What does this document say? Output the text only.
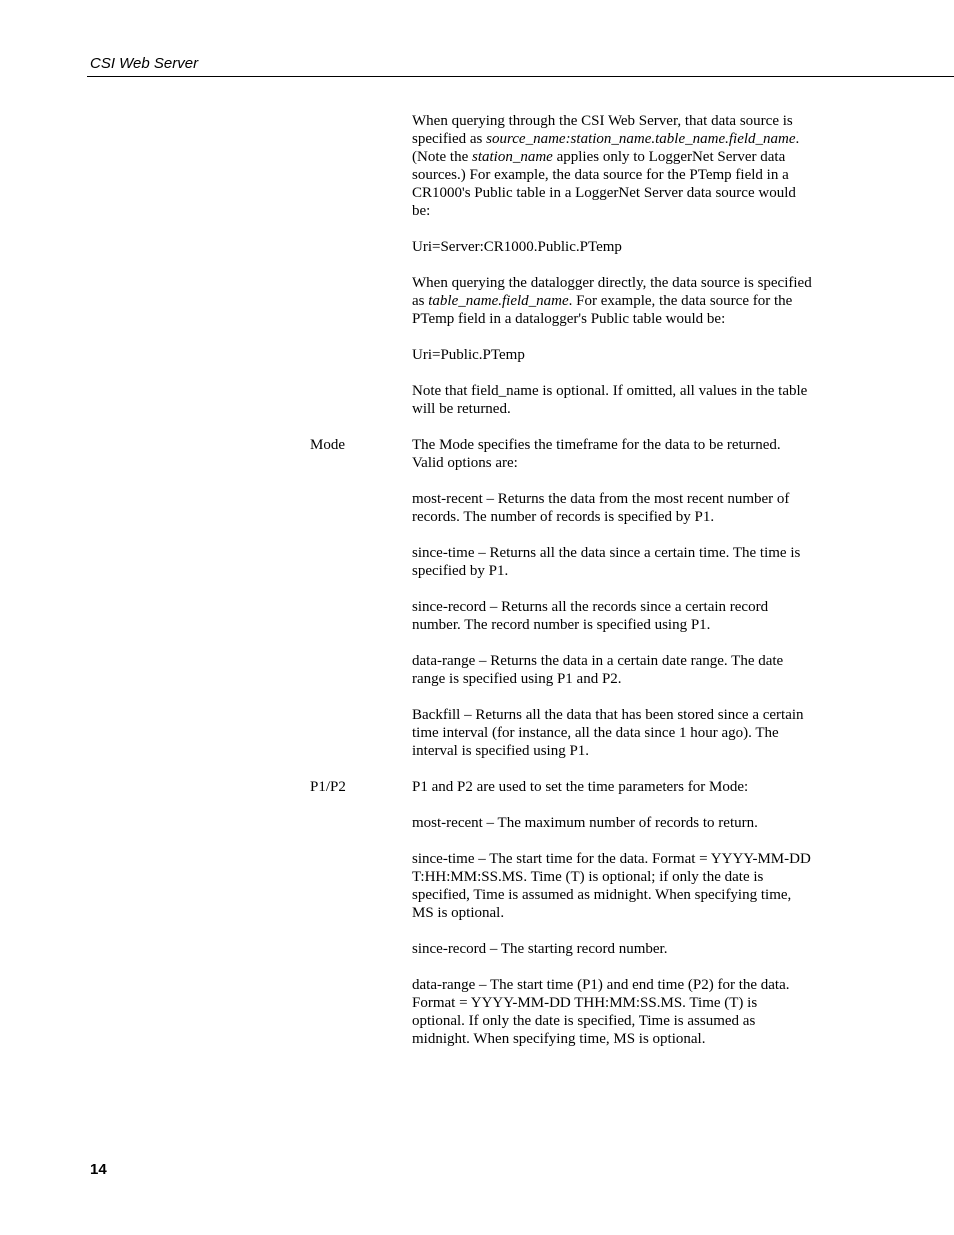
CSI Web Server

When querying through the CSI Web Server, that data source is specified as source_name:station_name.table_name.field_name. (Note the station_name applies only to LoggerNet Server data sources.) For example, the data source for the PTemp field in a CR1000's Public table in a LoggerNet Server data source would be:

Uri=Server:CR1000.Public.PTemp

When querying the datalogger directly, the data source is specified as table_name.field_name. For example, the data source for the PTemp field in a datalogger's Public table would be:

Uri=Public.PTemp

Note that field_name is optional. If omitted, all values in the table will be returned.

Mode	The Mode specifies the timeframe for the data to be returned. Valid options are:

most-recent – Returns the data from the most recent number of records. The number of records is specified by P1.

since-time – Returns all the data since a certain time. The time is specified by P1.

since-record – Returns all the records since a certain record number. The record number is specified using P1.

data-range – Returns the data in a certain date range. The date range is specified using P1 and P2.

Backfill – Returns all the data that has been stored since a certain time interval (for instance, all the data since 1 hour ago). The interval is specified using P1.

P1/P2	P1 and P2 are used to set the time parameters for Mode:

most-recent – The maximum number of records to return.

since-time – The start time for the data. Format = YYYY-MM-DD T:HH:MM:SS.MS. Time (T) is optional; if only the date is specified, Time is assumed as midnight. When specifying time, MS is optional.

since-record – The starting record number.

data-range – The start time (P1) and end time (P2) for the data. Format = YYYY-MM-DD THH:MM:SS.MS. Time (T) is optional. If only the date is specified, Time is assumed as midnight. When specifying time, MS is optional.

14
